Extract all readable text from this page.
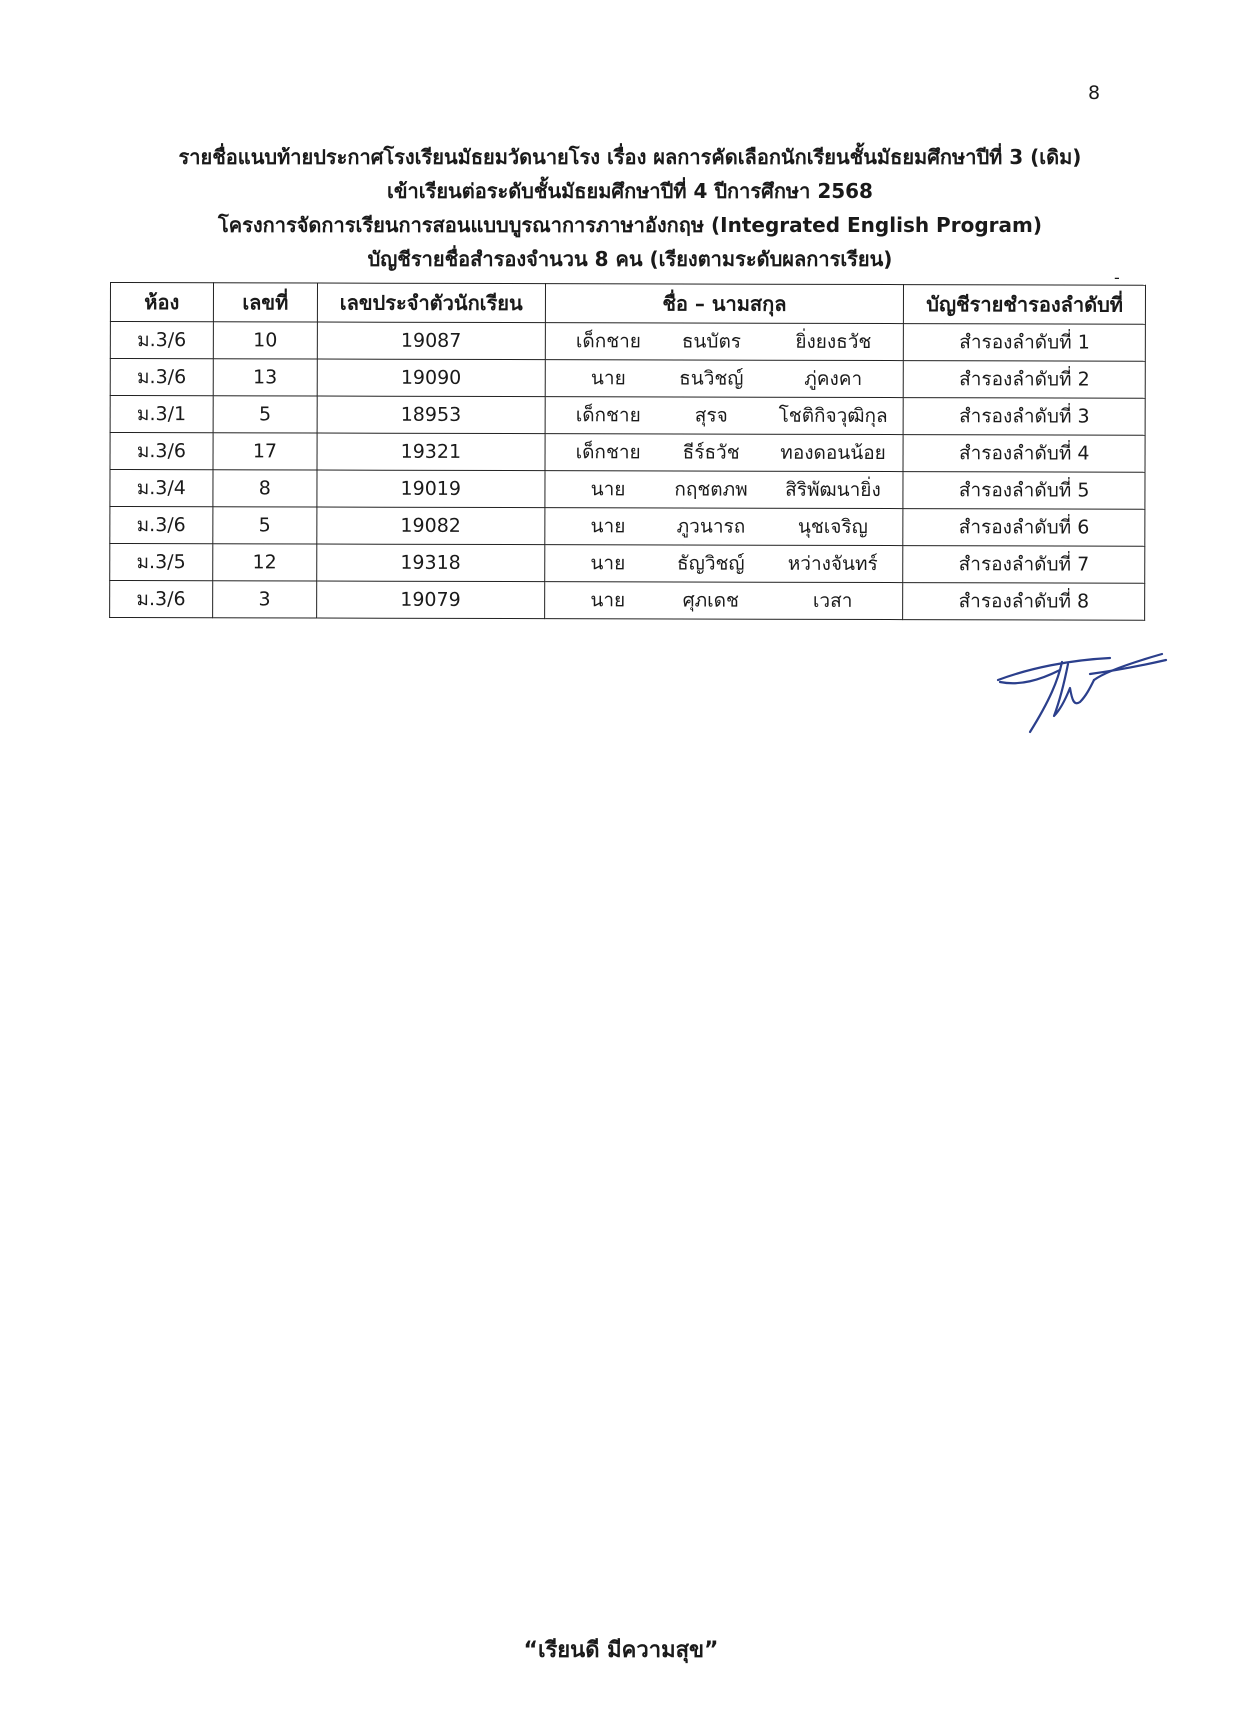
8
รายชื่อแนบท้ายประกาศโรงเรียนมัธยมวัดนายโรง เรื่อง ผลการคัดเลือกนักเรียนชั้นมัธยมศึกษาปีที่ 3 (เดิม)
เข้าเรียนต่อระดับชั้นมัธยมศึกษาปีที่ 4 ปีการศึกษา 2568
โครงการจัดการเรียนการสอนแบบบูรณาการภาษาอังกฤษ (Integrated English Program)
บัญชีรายชื่อสำรองจำนวน 8 คน (เรียงตามระดับผลการเรียน)
-
ห้อง	เลขที่	เลขประจำตัวนักเรียน	ชื่อ – นามสกุล	บัญชีรายชำรองลำดับที่
ม.3/6	10	19087	เด็กชาย ธนบัตร ยิ่งยงธวัช	สำรองลำดับที่ 1
ม.3/6	13	19090	นาย ธนวิชญ์ ภู่คงคา	สำรองลำดับที่ 2
ม.3/1	5	18953	เด็กชาย สุรจ โชติกิจวุฒิกุล	สำรองลำดับที่ 3
ม.3/6	17	19321	เด็กชาย ธีร์ธวัช ทองดอนน้อย	สำรองลำดับที่ 4
ม.3/4	8	19019	นาย กฤชตภพ สิริพัฒนายิ่ง	สำรองลำดับที่ 5
ม.3/6	5	19082	นาย ภูวนารถ นุชเจริญ	สำรองลำดับที่ 6
ม.3/5	12	19318	นาย ธัญวิชญ์ หว่างจันทร์	สำรองลำดับที่ 7
ม.3/6	3	19079	นาย ศุภเดช เวสา	สำรองลำดับที่ 8
“เรียนดี มีความสุข”
